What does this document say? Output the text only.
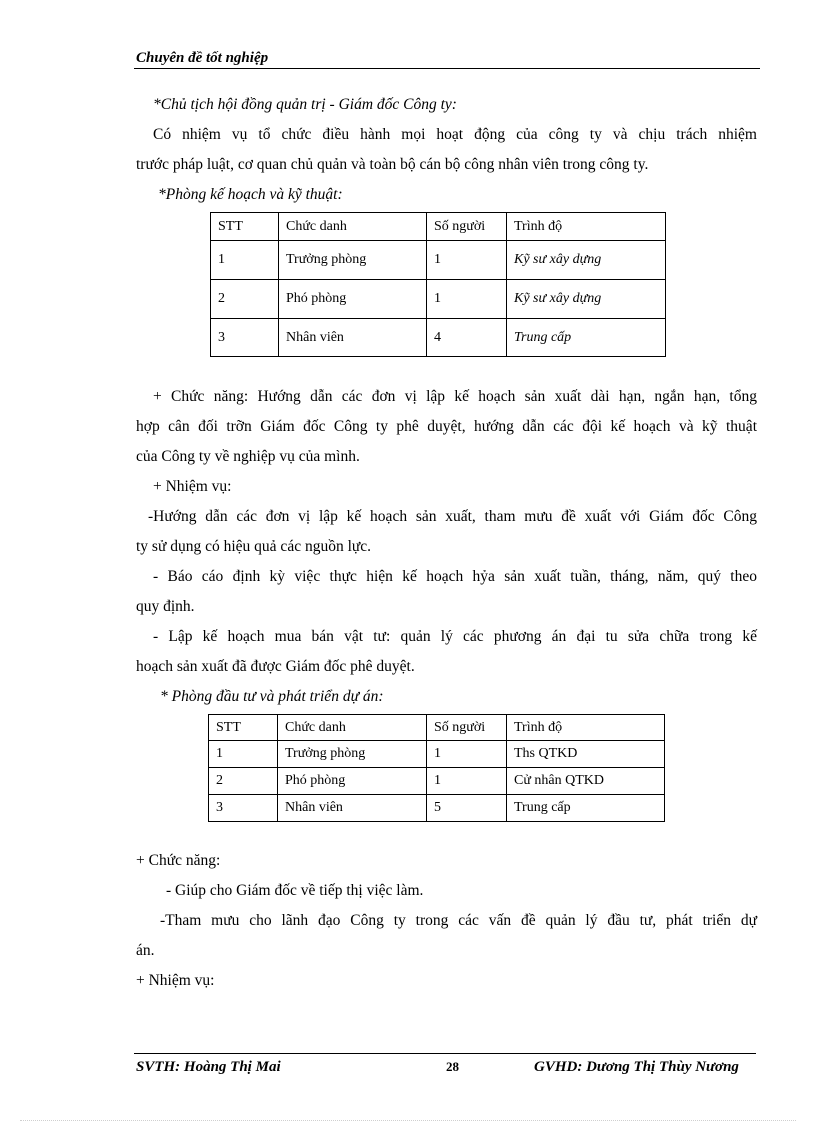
Chuyên đề tốt nghiệp
*Chủ tịch hội đồng quản trị - Giám đốc Công ty:
Có nhiệm vụ tổ chức điều hành mọi hoạt động của công ty và chịu trách nhiệm
trước pháp luật, cơ quan chủ quản và toàn bộ cán bộ công nhân viên trong công ty.
*Phòng kế hoạch và kỹ thuật:
STT	Chức danh	Số người	Trình độ
1	Trưởng phòng	1	Kỹ sư xây dựng
2	Phó phòng	1	Kỹ sư xây dựng
3	Nhân viên	4	Trung cấp
+ Chức năng: Hướng dẫn các đơn vị lập kế hoạch sản xuất dài hạn, ngắn hạn, tổng
hợp cân đối trỡn Giám đốc Công ty phê duyệt, hướng dẫn các đội kế hoạch và kỹ thuật
của Công ty về nghiệp vụ của mình.
+ Nhiệm vụ:
-Hướng dẫn các đơn vị lập kế hoạch sản xuất, tham mưu đề xuất với Giám đốc Công
ty sử dụng có hiệu quả các nguồn lực.
- Báo cáo định kỳ việc thực hiện kế hoạch hỷa sản xuất tuần, tháng, năm, quý theo
quy định.
- Lập kế hoạch mua bán vật tư: quản lý các phương án đại tu sửa chữa trong kế
hoạch sản xuất đã được Giám đốc phê duyệt.
* Phòng đầu tư và phát triển dự án:
STT	Chức danh	Số người	Trình độ
1	Trưởng phòng	1	Ths QTKD
2	Phó phòng	1	Cử nhân QTKD
3	Nhân viên	5	Trung cấp
+ Chức năng:
- Giúp cho Giám đốc về tiếp thị việc làm.
-Tham mưu cho lãnh đạo Công ty trong các vấn đề quản lý đầu tư, phát triển dự
án.
+ Nhiệm vụ:
SVTH: Hoàng Thị Mai	28	GVHD: Dương Thị Thùy Nương
